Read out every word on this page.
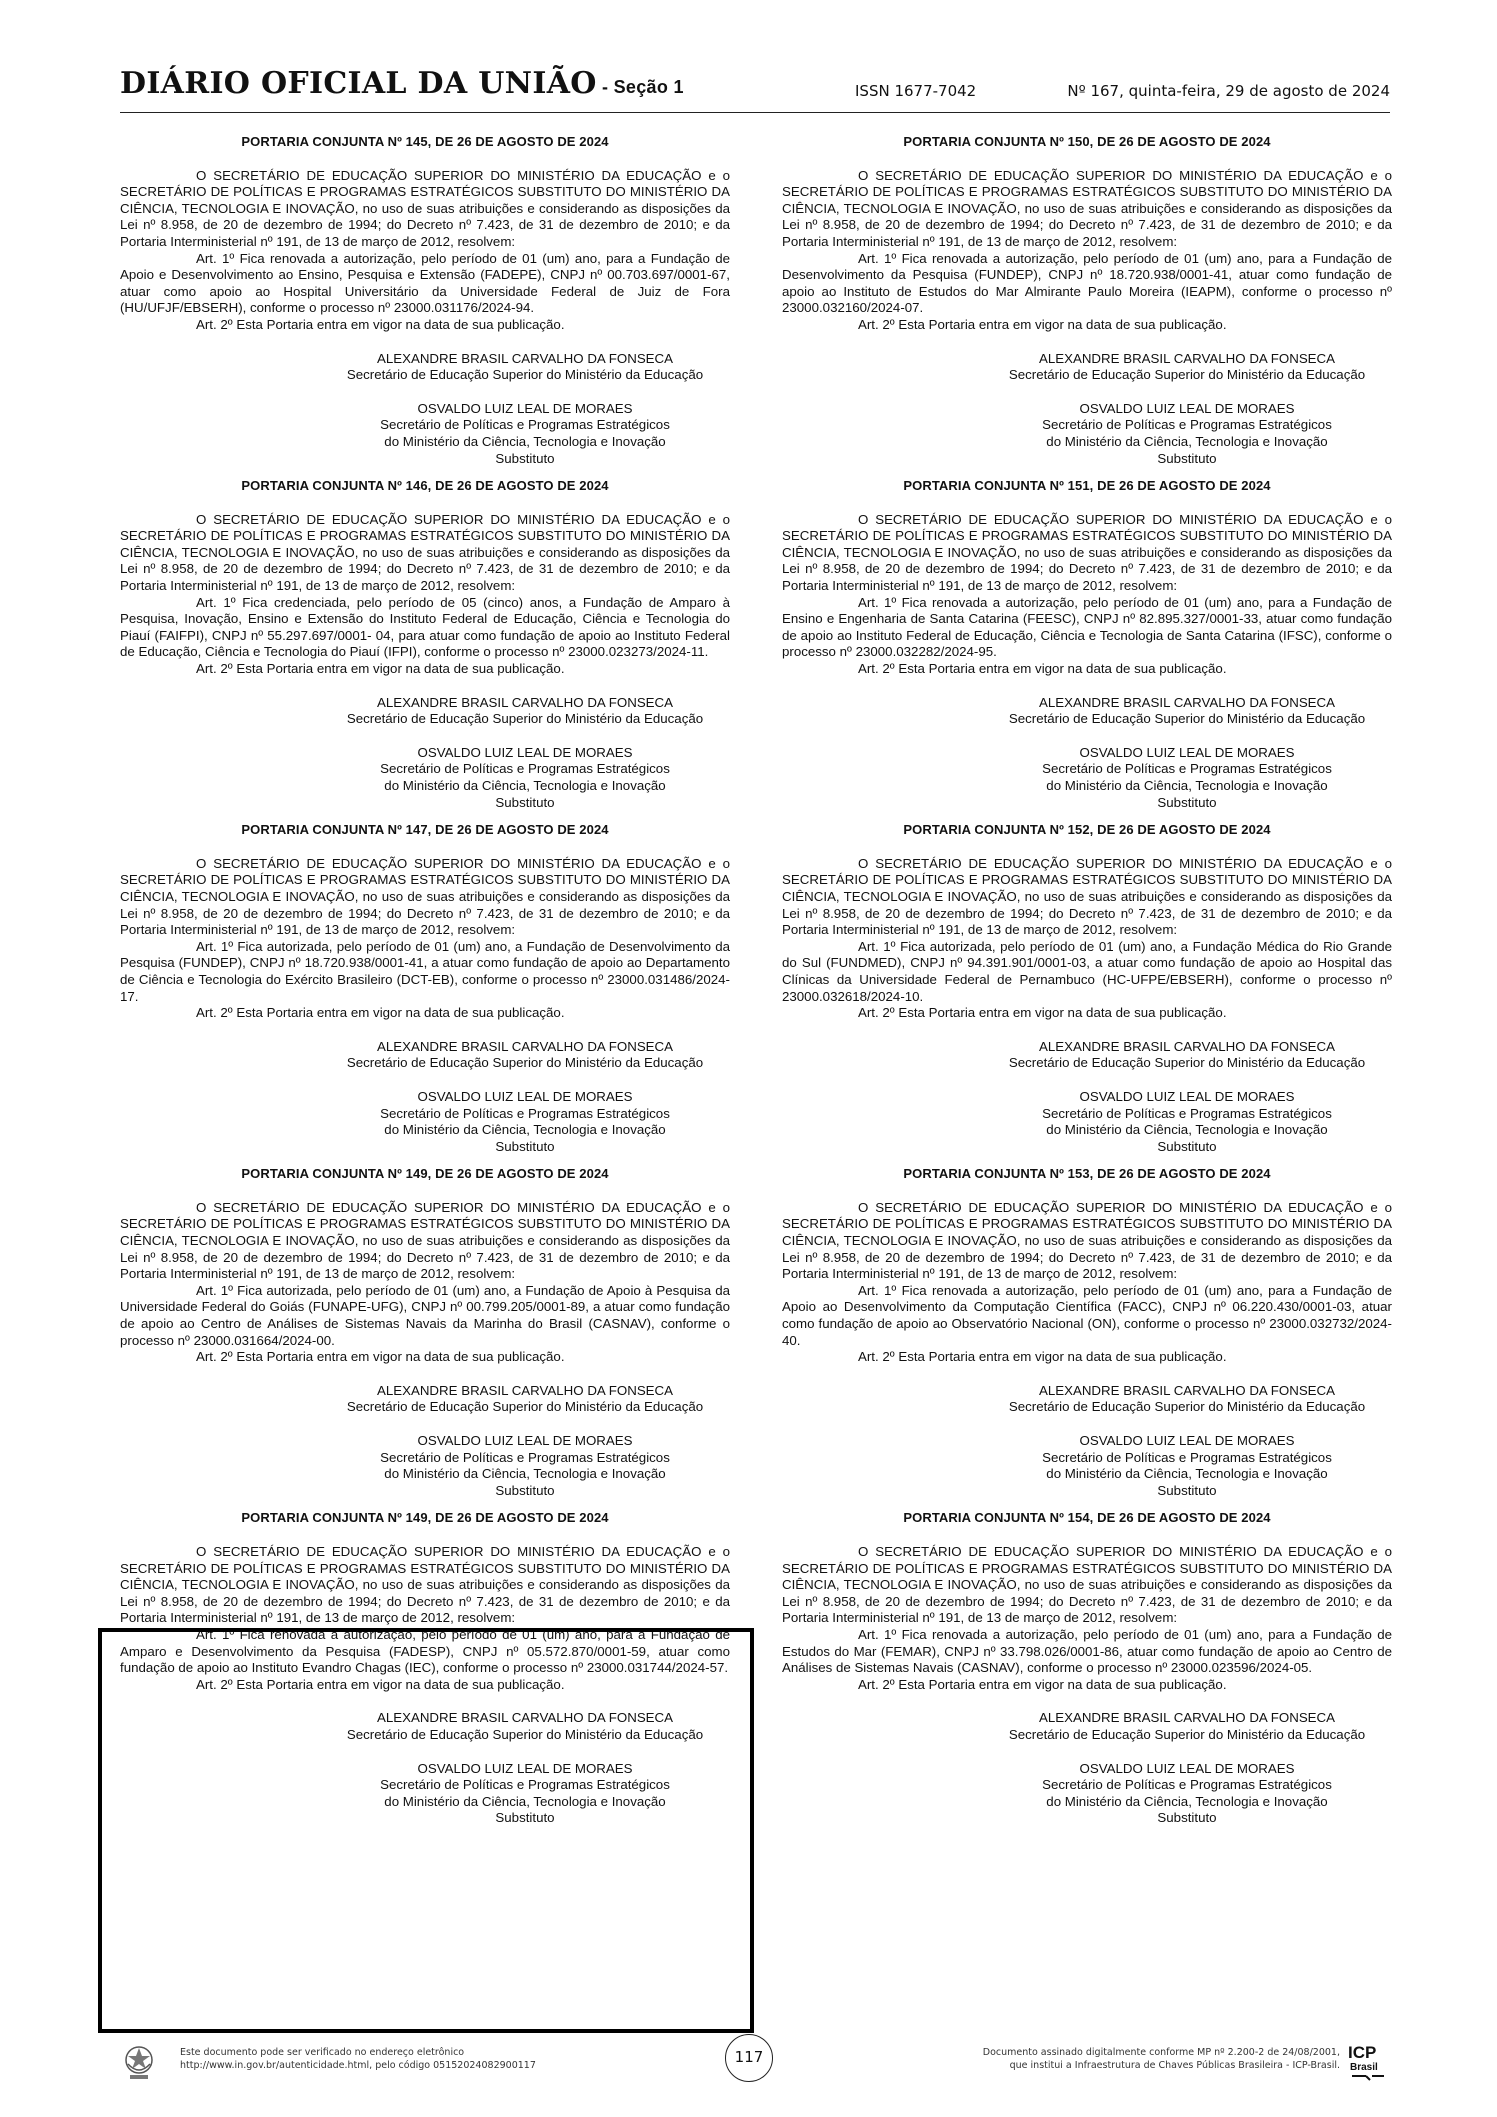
DIÁRIO OFICIAL DA UNIÃO - Seção 1	ISSN 1677-7042	Nº 167, quinta-feira, 29 de agosto de 2024
PORTARIA CONJUNTA Nº 145, DE 26 DE AGOSTO DE 2024

O SECRETÁRIO DE EDUCAÇÃO SUPERIOR DO MINISTÉRIO DA EDUCAÇÃO e o SECRETÁRIO DE POLÍTICAS E PROGRAMAS ESTRATÉGICOS SUBSTITUTO DO MINISTÉRIO DA CIÊNCIA, TECNOLOGIA E INOVAÇÃO, no uso de suas atribuições e considerando as disposições da Lei nº 8.958, de 20 de dezembro de 1994; do Decreto nº 7.423, de 31 de dezembro de 2010; e da Portaria Interministerial nº 191, de 13 de março de 2012, resolvem:

Art. 1º Fica renovada a autorização, pelo período de 01 (um) ano, para a Fundação de Apoio e Desenvolvimento ao Ensino, Pesquisa e Extensão (FADEPE), CNPJ nº 00.703.697/0001-67, atuar como apoio ao Hospital Universitário da Universidade Federal de Juiz de Fora (HU/UFJF/EBSERH), conforme o processo nº 23000.031176/2024-94.

Art. 2º Esta Portaria entra em vigor na data de sua publicação.

ALEXANDRE BRASIL CARVALHO DA FONSECA
Secretário de Educação Superior do Ministério da Educação
OSVALDO LUIZ LEAL DE MORAES
Secretário de Políticas e Programas Estratégicos
do Ministério da Ciência, Tecnologia e Inovação
Substituto
PORTARIA CONJUNTA Nº 146, DE 26 DE AGOSTO DE 2024

O SECRETÁRIO DE EDUCAÇÃO SUPERIOR DO MINISTÉRIO DA EDUCAÇÃO e o SECRETÁRIO DE POLÍTICAS E PROGRAMAS ESTRATÉGICOS SUBSTITUTO DO MINISTÉRIO DA CIÊNCIA, TECNOLOGIA E INOVAÇÃO, no uso de suas atribuições e considerando as disposições da Lei nº 8.958, de 20 de dezembro de 1994; do Decreto nº 7.423, de 31 de dezembro de 2010; e da Portaria Interministerial nº 191, de 13 de março de 2012, resolvem:

Art. 1º Fica credenciada, pelo período de 05 (cinco) anos, a Fundação de Amparo à Pesquisa, Inovação, Ensino e Extensão do Instituto Federal de Educação, Ciência e Tecnologia do Piauí (FAIFPI), CNPJ nº 55.297.697/0001- 04, para atuar como fundação de apoio ao Instituto Federal de Educação, Ciência e Tecnologia do Piauí (IFPI), conforme o processo nº 23000.023273/2024-11.

Art. 2º Esta Portaria entra em vigor na data de sua publicação.

ALEXANDRE BRASIL CARVALHO DA FONSECA
Secretário de Educação Superior do Ministério da Educação
OSVALDO LUIZ LEAL DE MORAES
Secretário de Políticas e Programas Estratégicos
do Ministério da Ciência, Tecnologia e Inovação
Substituto
PORTARIA CONJUNTA Nº 147, DE 26 DE AGOSTO DE 2024

O SECRETÁRIO DE EDUCAÇÃO SUPERIOR DO MINISTÉRIO DA EDUCAÇÃO e o SECRETÁRIO DE POLÍTICAS E PROGRAMAS ESTRATÉGICOS SUBSTITUTO DO MINISTÉRIO DA CIÊNCIA, TECNOLOGIA E INOVAÇÃO, no uso de suas atribuições e considerando as disposições da Lei nº 8.958, de 20 de dezembro de 1994; do Decreto nº 7.423, de 31 de dezembro de 2010; e da Portaria Interministerial nº 191, de 13 de março de 2012, resolvem:

Art. 1º Fica autorizada, pelo período de 01 (um) ano, a Fundação de Desenvolvimento da Pesquisa (FUNDEP), CNPJ nº 18.720.938/0001-41, a atuar como fundação de apoio ao Departamento de Ciência e Tecnologia do Exército Brasileiro (DCT-EB), conforme o processo nº 23000.031486/2024-17.

Art. 2º Esta Portaria entra em vigor na data de sua publicação.

ALEXANDRE BRASIL CARVALHO DA FONSECA
Secretário de Educação Superior do Ministério da Educação
OSVALDO LUIZ LEAL DE MORAES
Secretário de Políticas e Programas Estratégicos
do Ministério da Ciência, Tecnologia e Inovação
Substituto
PORTARIA CONJUNTA Nº 149, DE 26 DE AGOSTO DE 2024

O SECRETÁRIO DE EDUCAÇÃO SUPERIOR DO MINISTÉRIO DA EDUCAÇÃO e o SECRETÁRIO DE POLÍTICAS E PROGRAMAS ESTRATÉGICOS SUBSTITUTO DO MINISTÉRIO DA CIÊNCIA, TECNOLOGIA E INOVAÇÃO, no uso de suas atribuições e considerando as disposições da Lei nº 8.958, de 20 de dezembro de 1994; do Decreto nº 7.423, de 31 de dezembro de 2010; e da Portaria Interministerial nº 191, de 13 de março de 2012, resolvem:

Art. 1º Fica autorizada, pelo período de 01 (um) ano, a Fundação de Apoio à Pesquisa da Universidade Federal do Goiás (FUNAPE-UFG), CNPJ nº 00.799.205/0001-89, a atuar como fundação de apoio ao Centro de Análises de Sistemas Navais da Marinha do Brasil (CASNAV), conforme o processo nº 23000.031664/2024-00.

Art. 2º Esta Portaria entra em vigor na data de sua publicação.

ALEXANDRE BRASIL CARVALHO DA FONSECA
Secretário de Educação Superior do Ministério da Educação
OSVALDO LUIZ LEAL DE MORAES
Secretário de Políticas e Programas Estratégicos
do Ministério da Ciência, Tecnologia e Inovação
Substituto
PORTARIA CONJUNTA Nº 149, DE 26 DE AGOSTO DE 2024

O SECRETÁRIO DE EDUCAÇÃO SUPERIOR DO MINISTÉRIO DA EDUCAÇÃO e o SECRETÁRIO DE POLÍTICAS E PROGRAMAS ESTRATÉGICOS SUBSTITUTO DO MINISTÉRIO DA CIÊNCIA, TECNOLOGIA E INOVAÇÃO, no uso de suas atribuições e considerando as disposições da Lei nº 8.958, de 20 de dezembro de 1994; do Decreto nº 7.423, de 31 de dezembro de 2010; e da Portaria Interministerial nº 191, de 13 de março de 2012, resolvem:

Art. 1º Fica renovada a autorização, pelo período de 01 (um) ano, para a Fundação de Amparo e Desenvolvimento da Pesquisa (FADESP), CNPJ nº 05.572.870/0001-59, atuar como fundação de apoio ao Instituto Evandro Chagas (IEC), conforme o processo nº 23000.031744/2024-57.

Art. 2º Esta Portaria entra em vigor na data de sua publicação.

ALEXANDRE BRASIL CARVALHO DA FONSECA
Secretário de Educação Superior do Ministério da Educação
OSVALDO LUIZ LEAL DE MORAES
Secretário de Políticas e Programas Estratégicos
do Ministério da Ciência, Tecnologia e Inovação
Substituto
PORTARIA CONJUNTA Nº 150, DE 26 DE AGOSTO DE 2024

O SECRETÁRIO DE EDUCAÇÃO SUPERIOR DO MINISTÉRIO DA EDUCAÇÃO e o SECRETÁRIO DE POLÍTICAS E PROGRAMAS ESTRATÉGICOS SUBSTITUTO DO MINISTÉRIO DA CIÊNCIA, TECNOLOGIA E INOVAÇÃO, no uso de suas atribuições e considerando as disposições da Lei nº 8.958, de 20 de dezembro de 1994; do Decreto nº 7.423, de 31 de dezembro de 2010; e da Portaria Interministerial nº 191, de 13 de março de 2012, resolvem:

Art. 1º Fica renovada a autorização, pelo período de 01 (um) ano, para a Fundação de Desenvolvimento da Pesquisa (FUNDEP), CNPJ nº 18.720.938/0001-41, atuar como fundação de apoio ao Instituto de Estudos do Mar Almirante Paulo Moreira (IEAPM), conforme o processo nº 23000.032160/2024-07.

Art. 2º Esta Portaria entra em vigor na data de sua publicação.

ALEXANDRE BRASIL CARVALHO DA FONSECA
Secretário de Educação Superior do Ministério da Educação
OSVALDO LUIZ LEAL DE MORAES
Secretário de Políticas e Programas Estratégicos
do Ministério da Ciência, Tecnologia e Inovação
Substituto
PORTARIA CONJUNTA Nº 151, DE 26 DE AGOSTO DE 2024

O SECRETÁRIO DE EDUCAÇÃO SUPERIOR DO MINISTÉRIO DA EDUCAÇÃO e o SECRETÁRIO DE POLÍTICAS E PROGRAMAS ESTRATÉGICOS SUBSTITUTO DO MINISTÉRIO DA CIÊNCIA, TECNOLOGIA E INOVAÇÃO, no uso de suas atribuições e considerando as disposições da Lei nº 8.958, de 20 de dezembro de 1994; do Decreto nº 7.423, de 31 de dezembro de 2010; e da Portaria Interministerial nº 191, de 13 de março de 2012, resolvem:

Art. 1º Fica renovada a autorização, pelo período de 01 (um) ano, para a Fundação de Ensino e Engenharia de Santa Catarina (FEESC), CNPJ nº 82.895.327/0001-33, atuar como fundação de apoio ao Instituto Federal de Educação, Ciência e Tecnologia de Santa Catarina (IFSC), conforme o processo nº 23000.032282/2024-95.

Art. 2º Esta Portaria entra em vigor na data de sua publicação.

ALEXANDRE BRASIL CARVALHO DA FONSECA
Secretário de Educação Superior do Ministério da Educação
OSVALDO LUIZ LEAL DE MORAES
Secretário de Políticas e Programas Estratégicos
do Ministério da Ciência, Tecnologia e Inovação
Substituto
PORTARIA CONJUNTA Nº 152, DE 26 DE AGOSTO DE 2024

O SECRETÁRIO DE EDUCAÇÃO SUPERIOR DO MINISTÉRIO DA EDUCAÇÃO e o SECRETÁRIO DE POLÍTICAS E PROGRAMAS ESTRATÉGICOS SUBSTITUTO DO MINISTÉRIO DA CIÊNCIA, TECNOLOGIA E INOVAÇÃO, no uso de suas atribuições e considerando as disposições da Lei nº 8.958, de 20 de dezembro de 1994; do Decreto nº 7.423, de 31 de dezembro de 2010; e da Portaria Interministerial nº 191, de 13 de março de 2012, resolvem:

Art. 1º Fica autorizada, pelo período de 01 (um) ano, a Fundação Médica do Rio Grande do Sul (FUNDMED), CNPJ nº 94.391.901/0001-03, a atuar como fundação de apoio ao Hospital das Clínicas da Universidade Federal de Pernambuco (HC-UFPE/EBSERH), conforme o processo nº 23000.032618/2024-10.

Art. 2º Esta Portaria entra em vigor na data de sua publicação.

ALEXANDRE BRASIL CARVALHO DA FONSECA
Secretário de Educação Superior do Ministério da Educação
OSVALDO LUIZ LEAL DE MORAES
Secretário de Políticas e Programas Estratégicos
do Ministério da Ciência, Tecnologia e Inovação
Substituto
PORTARIA CONJUNTA Nº 153, DE 26 DE AGOSTO DE 2024

O SECRETÁRIO DE EDUCAÇÃO SUPERIOR DO MINISTÉRIO DA EDUCAÇÃO e o SECRETÁRIO DE POLÍTICAS E PROGRAMAS ESTRATÉGICOS SUBSTITUTO DO MINISTÉRIO DA CIÊNCIA, TECNOLOGIA E INOVAÇÃO, no uso de suas atribuições e considerando as disposições da Lei nº 8.958, de 20 de dezembro de 1994; do Decreto nº 7.423, de 31 de dezembro de 2010; e da Portaria Interministerial nº 191, de 13 de março de 2012, resolvem:

Art. 1º Fica renovada a autorização, pelo período de 01 (um) ano, para a Fundação de Apoio ao Desenvolvimento da Computação Científica (FACC), CNPJ nº 06.220.430/0001-03, atuar como fundação de apoio ao Observatório Nacional (ON), conforme o processo nº 23000.032732/2024-40.

Art. 2º Esta Portaria entra em vigor na data de sua publicação.

ALEXANDRE BRASIL CARVALHO DA FONSECA
Secretário de Educação Superior do Ministério da Educação
OSVALDO LUIZ LEAL DE MORAES
Secretário de Políticas e Programas Estratégicos
do Ministério da Ciência, Tecnologia e Inovação
Substituto
PORTARIA CONJUNTA Nº 154, DE 26 DE AGOSTO DE 2024

O SECRETÁRIO DE EDUCAÇÃO SUPERIOR DO MINISTÉRIO DA EDUCAÇÃO e o SECRETÁRIO DE POLÍTICAS E PROGRAMAS ESTRATÉGICOS SUBSTITUTO DO MINISTÉRIO DA CIÊNCIA, TECNOLOGIA E INOVAÇÃO, no uso de suas atribuições e considerando as disposições da Lei nº 8.958, de 20 de dezembro de 1994; do Decreto nº 7.423, de 31 de dezembro de 2010; e da Portaria Interministerial nº 191, de 13 de março de 2012, resolvem:

Art. 1º Fica renovada a autorização, pelo período de 01 (um) ano, para a Fundação de Estudos do Mar (FEMAR), CNPJ nº 33.798.026/0001-86, atuar como fundação de apoio ao Centro de Análises de Sistemas Navais (CASNAV), conforme o processo nº 23000.023596/2024-05.

Art. 2º Esta Portaria entra em vigor na data de sua publicação.

ALEXANDRE BRASIL CARVALHO DA FONSECA
Secretário de Educação Superior do Ministério da Educação
OSVALDO LUIZ LEAL DE MORAES
Secretário de Políticas e Programas Estratégicos
do Ministério da Ciência, Tecnologia e Inovação
Substituto
Este documento pode ser verificado no endereço eletrônico
http://www.in.gov.br/autenticidade.html, pelo código 05152024082900117	117	Documento assinado digitalmente conforme MP nº 2.200-2 de 24/08/2001,
que institui a Infraestrutura de Chaves Públicas Brasileira - ICP-Brasil.
ICP
Brasil
